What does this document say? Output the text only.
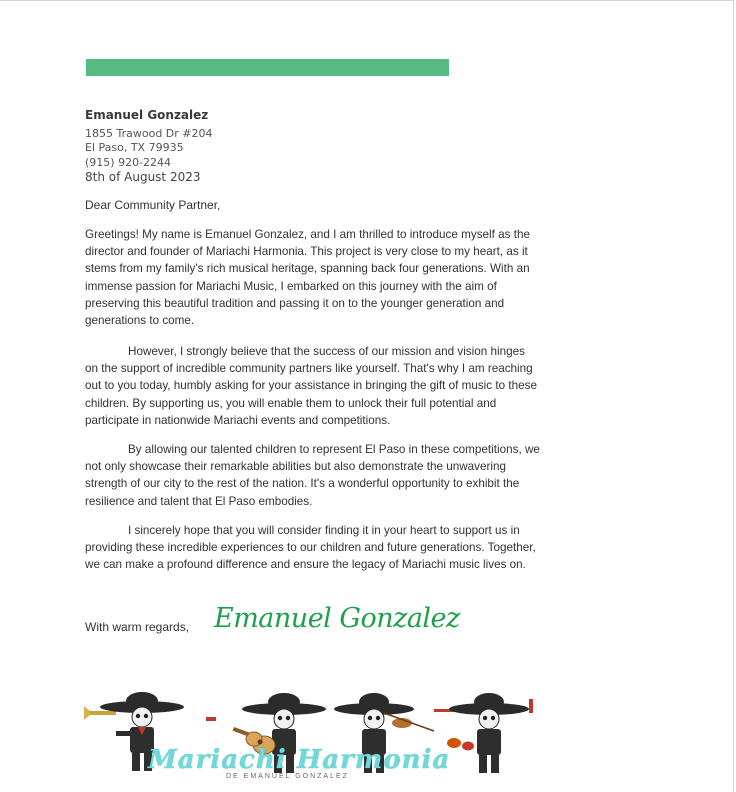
Emanuel Gonzalez
1855 Trawood Dr #204
El Paso, TX 79935
(915) 920-2244
8th of August 2023
Dear Community Partner,

Greetings! My name is Emanuel Gonzalez, and I am thrilled to introduce myself as the director and founder of Mariachi Harmonia. This project is very close to my heart, as it stems from my family's rich musical heritage, spanning back four generations. With an immense passion for Mariachi Music, I embarked on this journey with the aim of preserving this beautiful tradition and passing it on to the younger generation and generations to come.

However, I strongly believe that the success of our mission and vision hinges on the support of incredible community partners like yourself. That's why I am reaching out to you today, humbly asking for your assistance in bringing the gift of music to these children. By supporting us, you will enable them to unlock their full potential and participate in nationwide Mariachi events and competitions.

By allowing our talented children to represent El Paso in these competitions, we not only showcase their remarkable abilities but also demonstrate the unwavering strength of our city to the rest of the nation. It's a wonderful opportunity to exhibit the resilience and talent that El Paso embodies.

I sincerely hope that you will consider finding it in your heart to support us in providing these incredible experiences to our children and future generations. Together, we can make a profound difference and ensure the legacy of Mariachi music lives on.

With warm regards, Emanuel Gonzalez
Mariachi Harmonia
DE EMANUEL GONZALEZ
